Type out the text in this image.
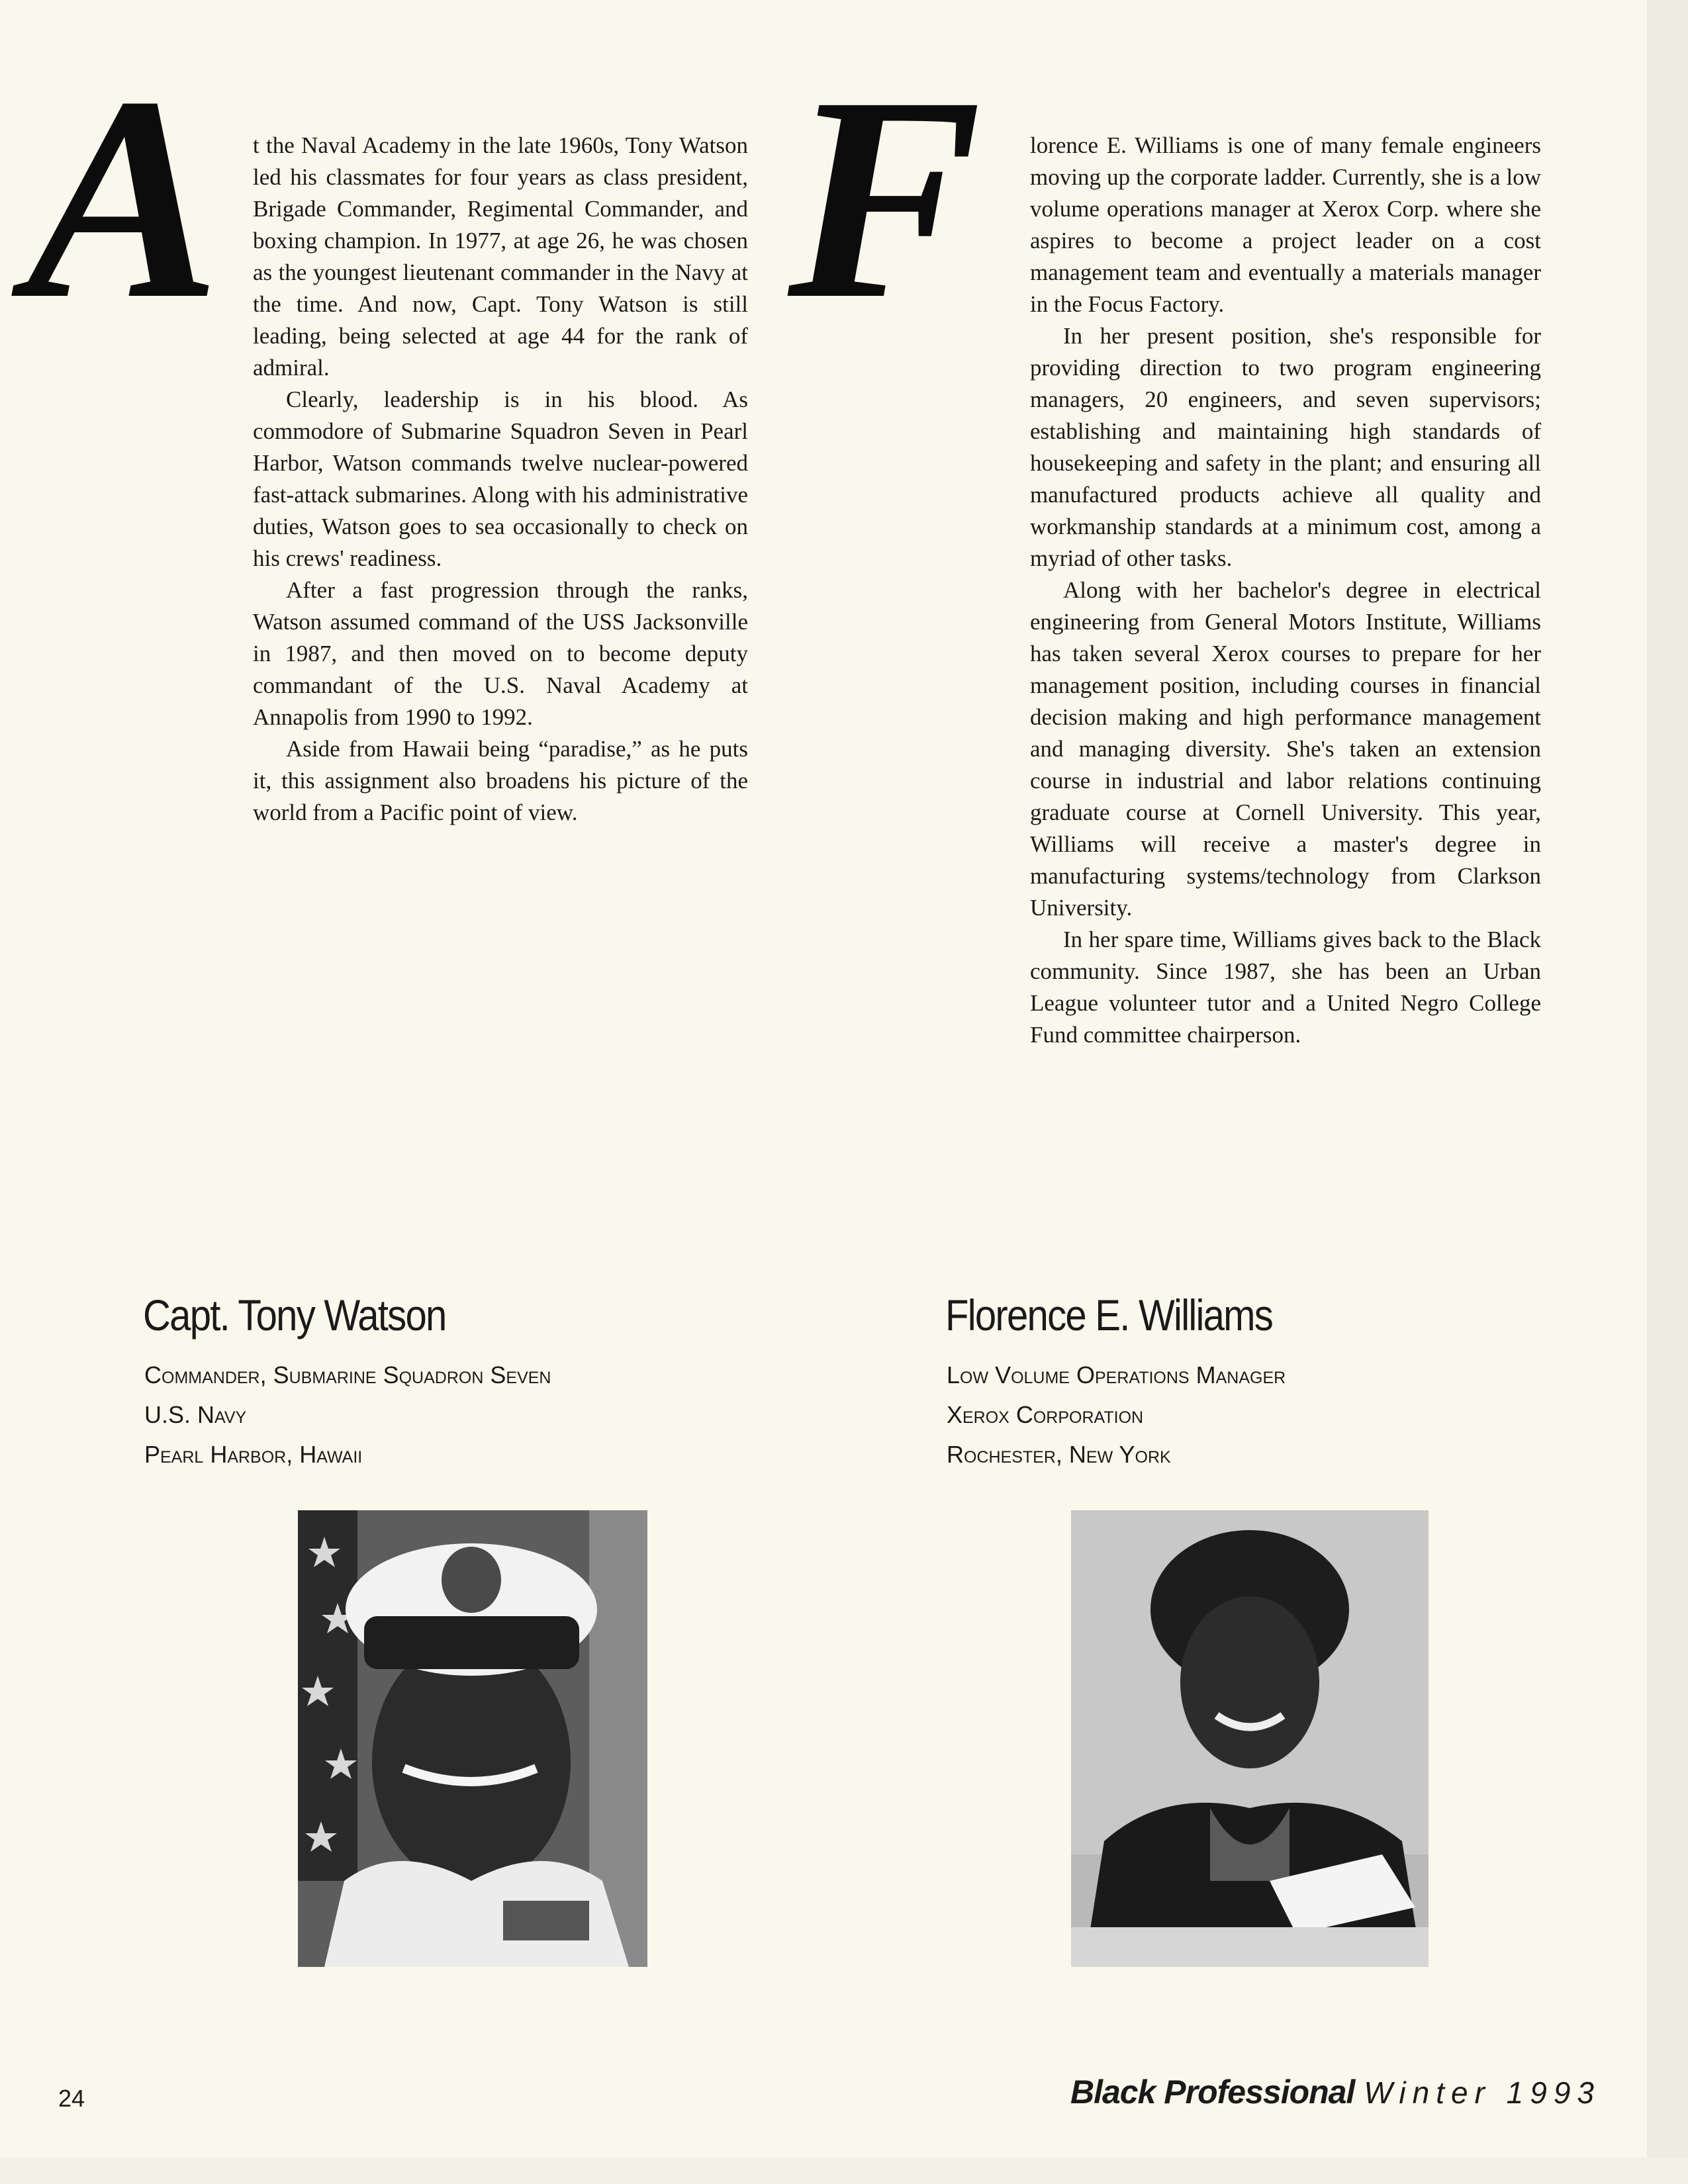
A t the Naval Academy in the late 1960s, Tony Watson led his classmates for four years as class president, Brigade Commander, Regimental Commander, and boxing champion. In 1977, at age 26, he was chosen as the youngest lieutenant commander in the Navy at the time. And now, Capt. Tony Watson is still leading, being selected at age 44 for the rank of admiral.

Clearly, leadership is in his blood. As commodore of Submarine Squadron Seven in Pearl Harbor, Watson commands twelve nuclear-powered fast-attack submarines. Along with his administrative duties, Watson goes to sea occasionally to check on his crews' readiness.

After a fast progression through the ranks, Watson assumed command of the USS Jacksonville in 1987, and then moved on to become deputy commandant of the U.S. Naval Academy at Annapolis from 1990 to 1992.

Aside from Hawaii being “paradise,” as he puts it, this assignment also broadens his picture of the world from a Pacific point of view.

F lorence E. Williams is one of many female engineers moving up the corporate ladder. Currently, she is a low volume operations manager at Xerox Corp. where she aspires to become a project leader on a cost management team and eventually a materials manager in the Focus Factory.

In her present position, she's responsible for providing direction to two program engineering managers, 20 engineers, and seven supervisors; establishing and maintaining high standards of housekeeping and safety in the plant; and ensuring all manufactured products achieve all quality and workmanship standards at a minimum cost, among a myriad of other tasks.

Along with her bachelor's degree in electrical engineering from General Motors Institute, Williams has taken several Xerox courses to prepare for her management position, including courses in financial decision making and high performance management and managing diversity. She's taken an extension course in industrial and labor relations continuing graduate course at Cornell University. This year, Williams will receive a master's degree in manufacturing systems/technology from Clarkson University.

In her spare time, Williams gives back to the Black community. Since 1987, she has been an Urban League volunteer tutor and a United Negro College Fund committee chairperson.

Capt. Tony Watson
Commander, Submarine Squadron Seven
U.S. Navy
Pearl Harbor, Hawaii
Florence E. Williams
Low Volume Operations Manager
Xerox Corporation
Rochester, New York
24	Black Professional Winter 1993
